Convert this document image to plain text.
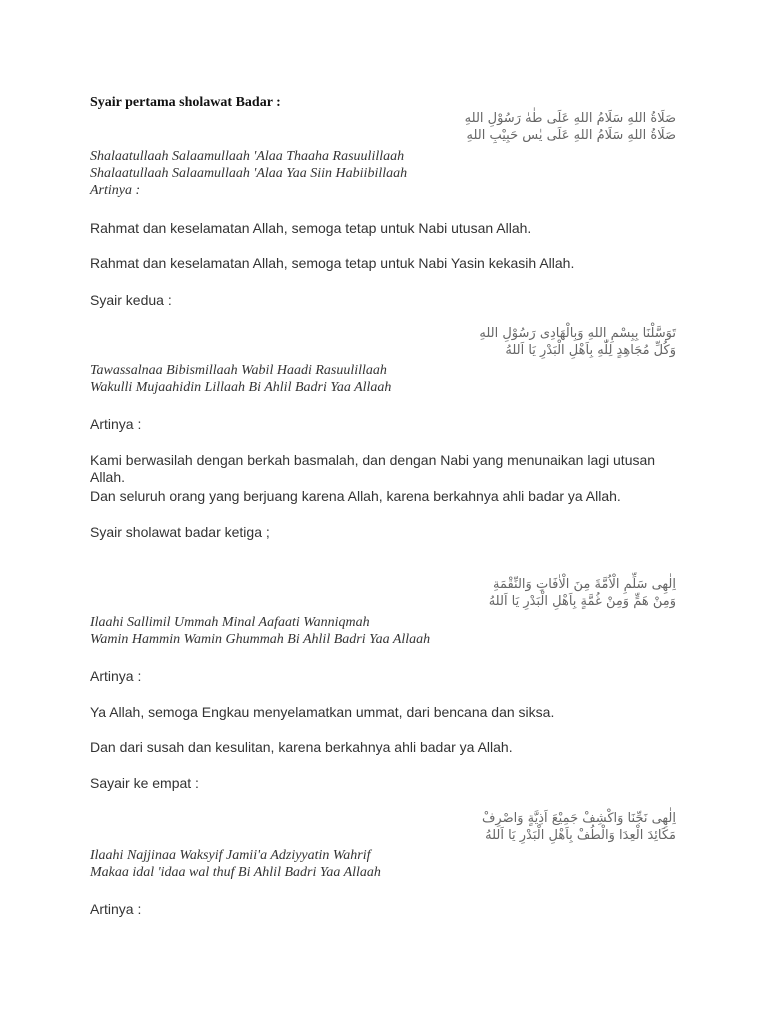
Syair pertama sholawat Badar :

صَلَاةُ اللهِ سَلَامُ اللهِ عَلَى طٰهٰ رَسُوْلِ اللهِ
صَلَاةُ اللهِ سَلَامُ اللهِ عَلَى يٰس حَبِيْبِ اللهِ
Shalaatullaah Salaamullaah 'Alaa Thaaha Rasuulillaah
Shalaatullaah Salaamullaah 'Alaa Yaa Siin Habiibillaah
Artinya :

Rahmat dan keselamatan Allah, semoga tetap untuk Nabi utusan Allah.

Rahmat dan keselamatan Allah, semoga tetap untuk Nabi Yasin kekasih Allah.

Syair kedua :

تَوَسَّلْنَا بِبِسْمِ اللهِ وَبِالْهَادِى رَسُوْلِ اللهِ
وَكُلِّ مُجَاهِدٍ لِلّٰهِ بِاَهْلِ الْبَدْرِ يَا اَللهُ
Tawassalnaa Bibismillaah Wabil Haadi Rasuulillaah
Wakulli Mujaahidin Lillaah Bi Ahlil Badri Yaa Allaah

Artinya :

Kami berwasilah dengan berkah basmalah, dan dengan Nabi yang menunaikan lagi utusan Allah.

Dan seluruh orang yang berjuang karena Allah, karena berkahnya ahli badar ya Allah.

Syair sholawat badar ketiga ;

اِلٰهِى سَلِّمِ الْاُمَّةَ مِنَ الْاٰفَاتِ وَالنِّقْمَةِ
وَمِنْ هَمٍّ وَمِنْ غُمَّةٍ بِاَهْلِ الْبَدْرِ يَا اَللهُ
Ilaahi Sallimil Ummah Minal Aafaati Wanniqmah
Wamin Hammin Wamin Ghummah Bi Ahlil Badri Yaa Allaah

Artinya :

Ya Allah, semoga Engkau menyelamatkan ummat, dari bencana dan siksa.

Dan dari susah dan kesulitan, karena berkahnya ahli badar ya Allah.

Sayair ke empat :

اِلٰهِى نَجِّنَا وَاكْشِفْ جَمِيْعَ اَذِيَّةٍ وَاصْرِفْ
مَكَائِدَ الْعِدَا وَالْطُفْ بِاَهْلِ الْبَدْرِ يَا اَللهُ
Ilaahi Najjinaa Waksyif Jamii'a Adziyyatin Wahrif
Makaa idal 'idaa wal thuf Bi Ahlil Badri Yaa Allaah

Artinya :
